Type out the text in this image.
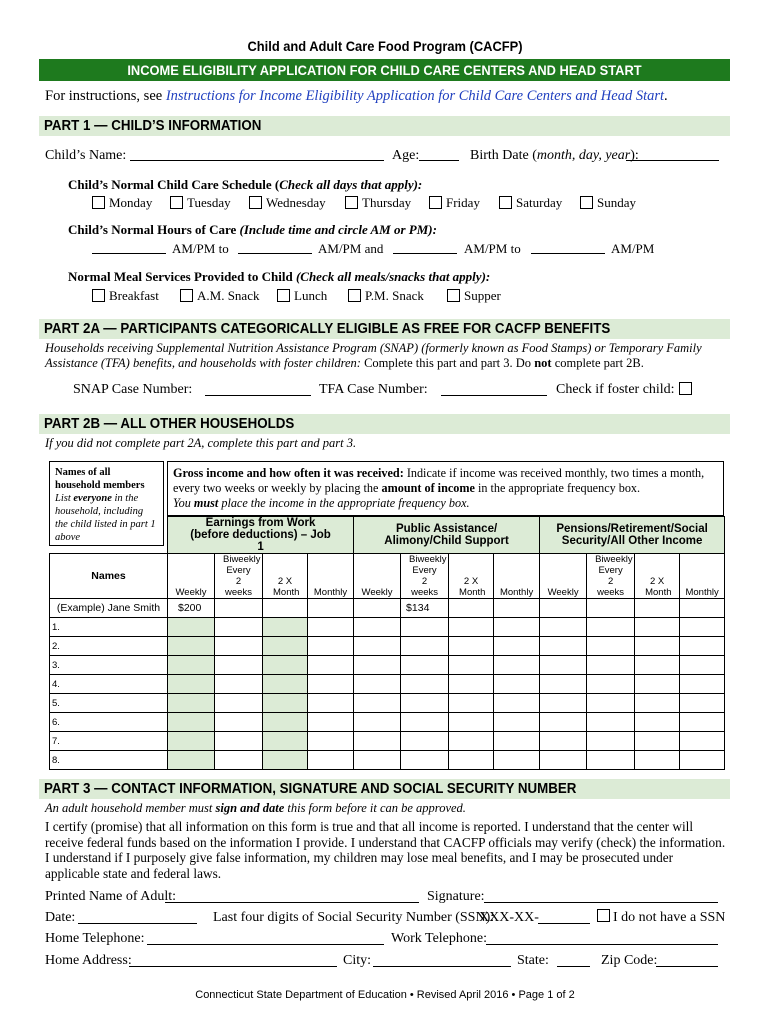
Child and Adult Care Food Program (CACFP)
INCOME ELIGIBILITY APPLICATION FOR CHILD CARE CENTERS AND HEAD START
For instructions, see Instructions for Income Eligibility Application for Child Care Centers and Head Start.
PART 1 — CHILD’S INFORMATION
Child’s Name:	Age:	Birth Date (month, day, year):
Child’s Normal Child Care Schedule (Check all days that apply):
Monday	Tuesday	Wednesday	Thursday	Friday	Saturday	Sunday
Child’s Normal Hours of Care (Include time and circle AM or PM):
AM/PM to	AM/PM and	AM/PM to	AM/PM
Normal Meal Services Provided to Child (Check all meals/snacks that apply):
Breakfast	A.M. Snack	Lunch	P.M. Snack	Supper
PART 2A — PARTICIPANTS CATEGORICALLY ELIGIBLE AS FREE FOR CACFP BENEFITS
Households receiving Supplemental Nutrition Assistance Program (SNAP) (formerly known as Food Stamps) or Temporary Family Assistance (TFA) benefits, and households with foster children: Complete this part and part 3. Do not complete part 2B.
SNAP Case Number:	TFA Case Number:	Check if foster child:
PART 2B — ALL OTHER HOUSEHOLDS
If you did not complete part 2A, complete this part and part 3.
Names of all household members
List everyone in the household, including the child listed in part 1 above
Gross income and how often it was received: Indicate if income was received monthly, two times a month, every two weeks or weekly by placing the amount of income in the appropriate frequency box.
You must place the income in the appropriate frequency box.
	Earnings from Work (before deductions) – Job 1				Public Assistance/ Alimony/Child Support				Pensions/Retirement/Social Security/All Other Income			
Names	Weekly	Biweekly Every 2 weeks	2 X Month	Monthly	Weekly	Biweekly Every 2 weeks	2 X Month	Monthly	Weekly	Biweekly Every 2 weeks	2 X Month	Monthly
(Example) Jane Smith	$200					$134						
1.												
2.												
3.												
4.												
5.												
6.												
7.												
8.												
PART 3 — CONTACT INFORMATION, SIGNATURE AND SOCIAL SECURITY NUMBER
An adult household member must sign and date this form before it can be approved.
I certify (promise) that all information on this form is true and that all income is reported. I understand that the center will receive federal funds based on the information I provide. I understand that CACFP officials may verify (check) the information. I understand if I purposely give false information, my children may lose meal benefits, and I may be prosecuted under applicable state and federal laws.
Printed Name of Adult:	Signature:
Date:	Last four digits of Social Security Number (SSN):
XXX-XX-	I do not have a SSN
Home Telephone:	Work Telephone:
Home Address:	City:	State:	Zip Code:
Connecticut State Department of Education • Revised April 2016 • Page 1 of 2
